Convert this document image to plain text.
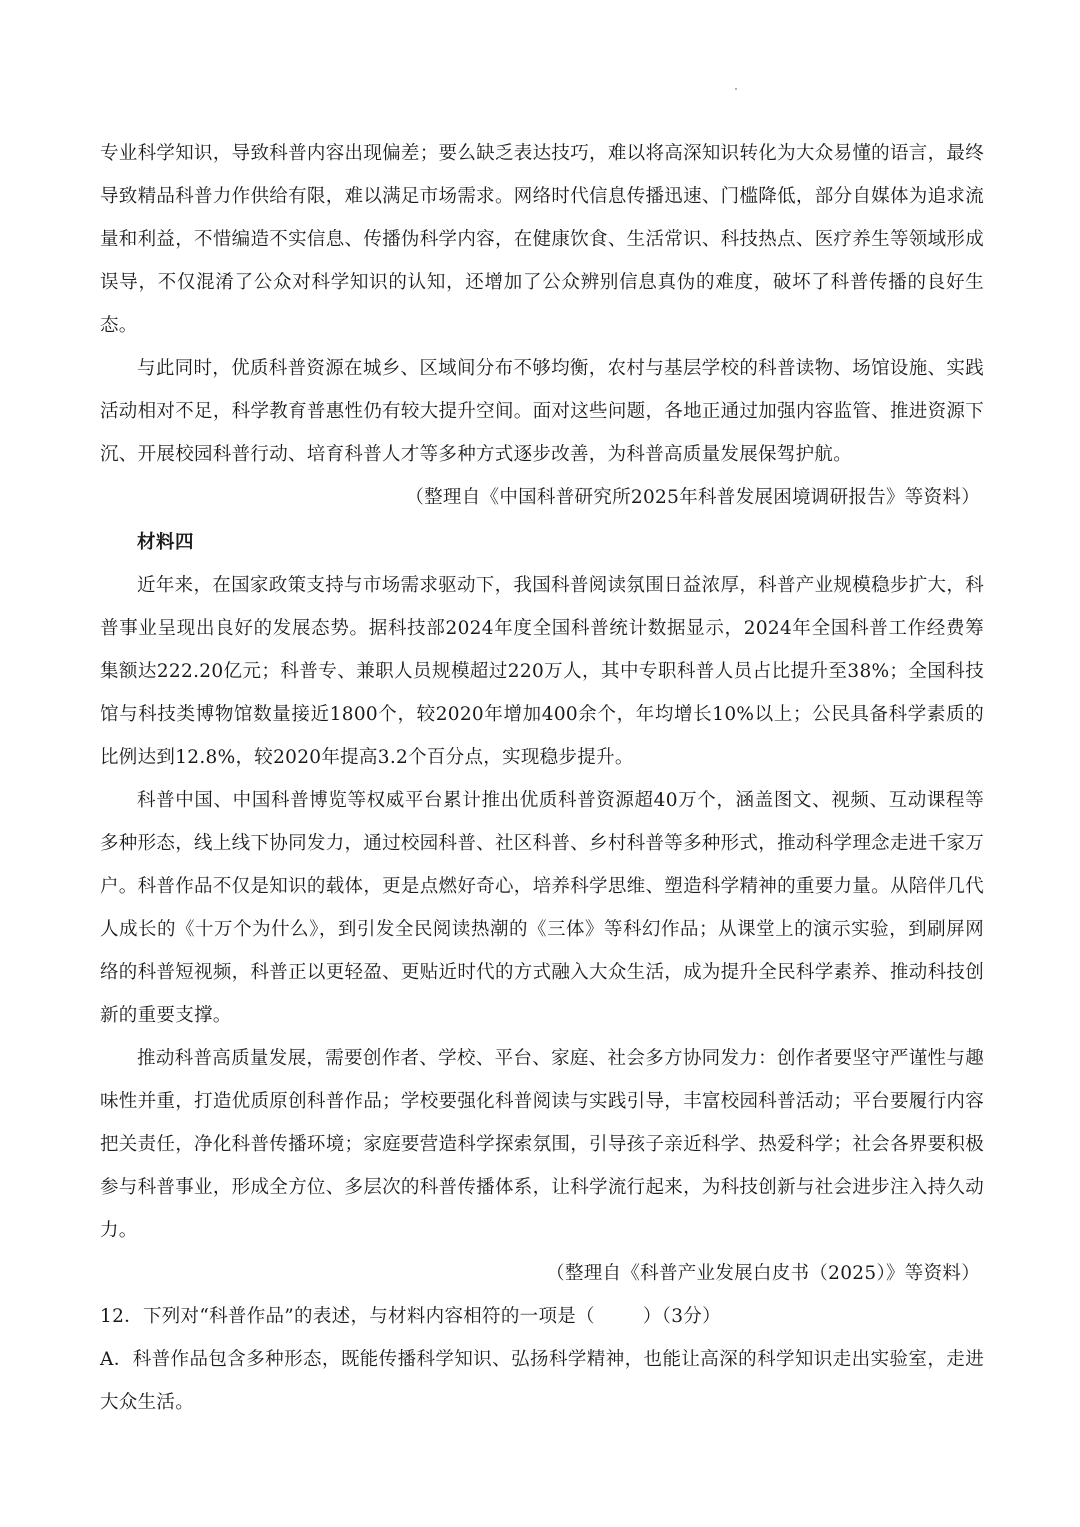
专业科学知识，导致科普内容出现偏差；要么缺乏表达技巧，难以将高深知识转化为大众易懂的语言，最终导致精品科普力作供给有限，难以满足市场需求。网络时代信息传播迅速、门槛降低，部分自媒体为追求流量和利益，不惜编造不实信息、传播伪科学内容，在健康饮食、生活常识、科技热点、医疗养生等领域形成误导，不仅混淆了公众对科学知识的认知，还增加了公众辨别信息真伪的难度，破坏了科普传播的良好生态。

与此同时，优质科普资源在城乡、区域间分布不够均衡，农村与基层学校的科普读物、场馆设施、实践活动相对不足，科学教育普惠性仍有较大提升空间。面对这些问题，各地正通过加强内容监管、推进资源下沉、开展校园科普行动、培育科普人才等多种方式逐步改善，为科普高质量发展保驾护航。

（整理自《中国科普研究所2025年科普发展困境调研报告》等资料）

材料四

近年来，在国家政策支持与市场需求驱动下，我国科普阅读氛围日益浓厚，科普产业规模稳步扩大，科普事业呈现出良好的发展态势。据科技部2024年度全国科普统计数据显示，2024年全国科普工作经费筹集额达222.20亿元；科普专、兼职人员规模超过220万人，其中专职科普人员占比提升至38%；全国科技馆与科技类博物馆数量接近1800个，较2020年增加400余个，年均增长10%以上；公民具备科学素质的比例达到12.8%，较2020年提高3.2个百分点，实现稳步提升。

科普中国、中国科普博览等权威平台累计推出优质科普资源超40万个，涵盖图文、视频、互动课程等多种形态，线上线下协同发力，通过校园科普、社区科普、乡村科普等多种形式，推动科学理念走进千家万户。科普作品不仅是知识的载体，更是点燃好奇心，培养科学思维、塑造科学精神的重要力量。从陪伴几代人成长的《十万个为什么》，到引发全民阅读热潮的《三体》等科幻作品；从课堂上的演示实验，到刷屏网络的科普短视频，科普正以更轻盈、更贴近时代的方式融入大众生活，成为提升全民科学素养、推动科技创新的重要支撑。

推动科普高质量发展，需要创作者、学校、平台、家庭、社会多方协同发力：创作者要坚守严谨性与趣味性并重，打造优质原创科普作品；学校要强化科普阅读与实践引导，丰富校园科普活动；平台要履行内容把关责任，净化科普传播环境；家庭要营造科学探索氛围，引导孩子亲近科学、热爱科学；社会各界要积极参与科普事业，形成全方位、多层次的科普传播体系，让科学流行起来，为科技创新与社会进步注入持久动力。

（整理自《科普产业发展白皮书（2025）》等资料）

12．下列对“科普作品”的表述，与材料内容相符的一项是（	）（3分）

A．科普作品包含多种形态，既能传播科学知识、弘扬科学精神，也能让高深的科学知识走出实验室，走进大众生活。
